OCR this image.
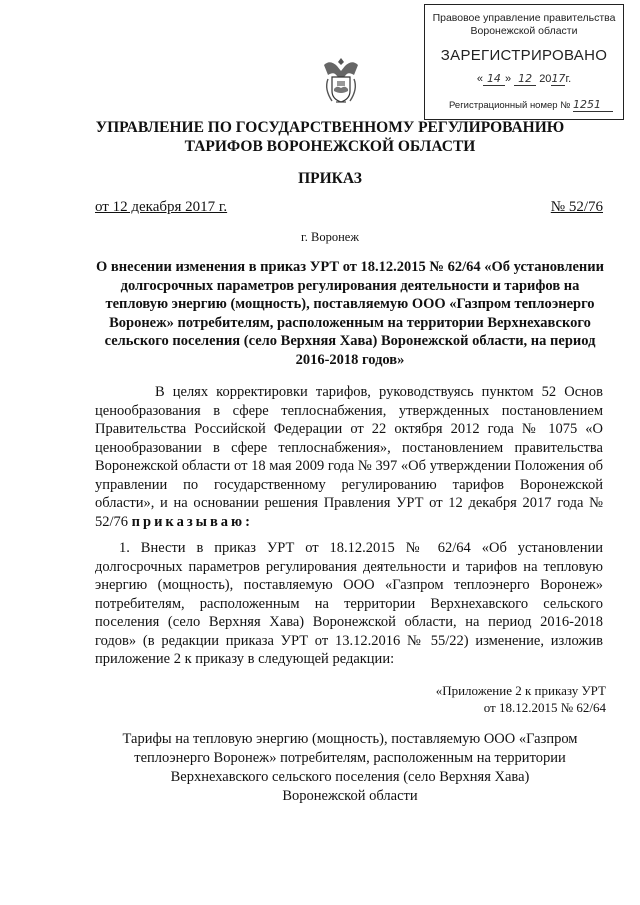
Правовое управление правительства
Воронежской области
ЗАРЕГИСТРИРОВАНО
« 14 » 12 2017г.
Регистрационный номер № 1251
УПРАВЛЕНИЕ ПО ГОСУДАРСТВЕННОМУ РЕГУЛИРОВАНИЮ
ТАРИФОВ ВОРОНЕЖСКОЙ ОБЛАСТИ
ПРИКАЗ
от 12 декабря 2017 г.	№ 52/76
г. Воронеж
О внесении изменения в приказ УРТ от 18.12.2015 № 62/64 «Об установлении долгосрочных параметров регулирования деятельности и тарифов на тепловую энергию (мощность), поставляемую ООО «Газпром теплоэнерго Воронеж» потребителям, расположенным на территории Верхнехавского сельского поселения (село Верхняя Хава) Воронежской области, на период 2016-2018 годов»
В целях корректировки тарифов, руководствуясь пунктом 52 Основ ценообразования в сфере теплоснабжения, утвержденных постановлением Правительства Российской Федерации от 22 октября 2012 года № 1075 «О ценообразовании в сфере теплоснабжения», постановлением правительства Воронежской области от 18 мая 2009 года № 397 «Об утверждении Положения об управлении по государственному регулированию тарифов Воронежской области», и на основании решения Правления УРТ от 12 декабря 2017 года № 52/76 приказываю:
1. Внести в приказ УРТ от 18.12.2015 № 62/64 «Об установлении долгосрочных параметров регулирования деятельности и тарифов на тепловую энергию (мощность), поставляемую ООО «Газпром теплоэнерго Воронеж» потребителям, расположенным на территории Верхнехавского сельского поселения (село Верхняя Хава) Воронежской области, на период 2016-2018 годов» (в редакции приказа УРТ от 13.12.2016 № 55/22) изменение, изложив приложение 2 к приказу в следующей редакции:
«Приложение 2 к приказу УРТ
от 18.12.2015 № 62/64
Тарифы на тепловую энергию (мощность), поставляемую ООО «Газпром
теплоэнерго Воронеж» потребителям, расположенным на территории
Верхнехавского сельского поселения (село Верхняя Хава)
Воронежской области
